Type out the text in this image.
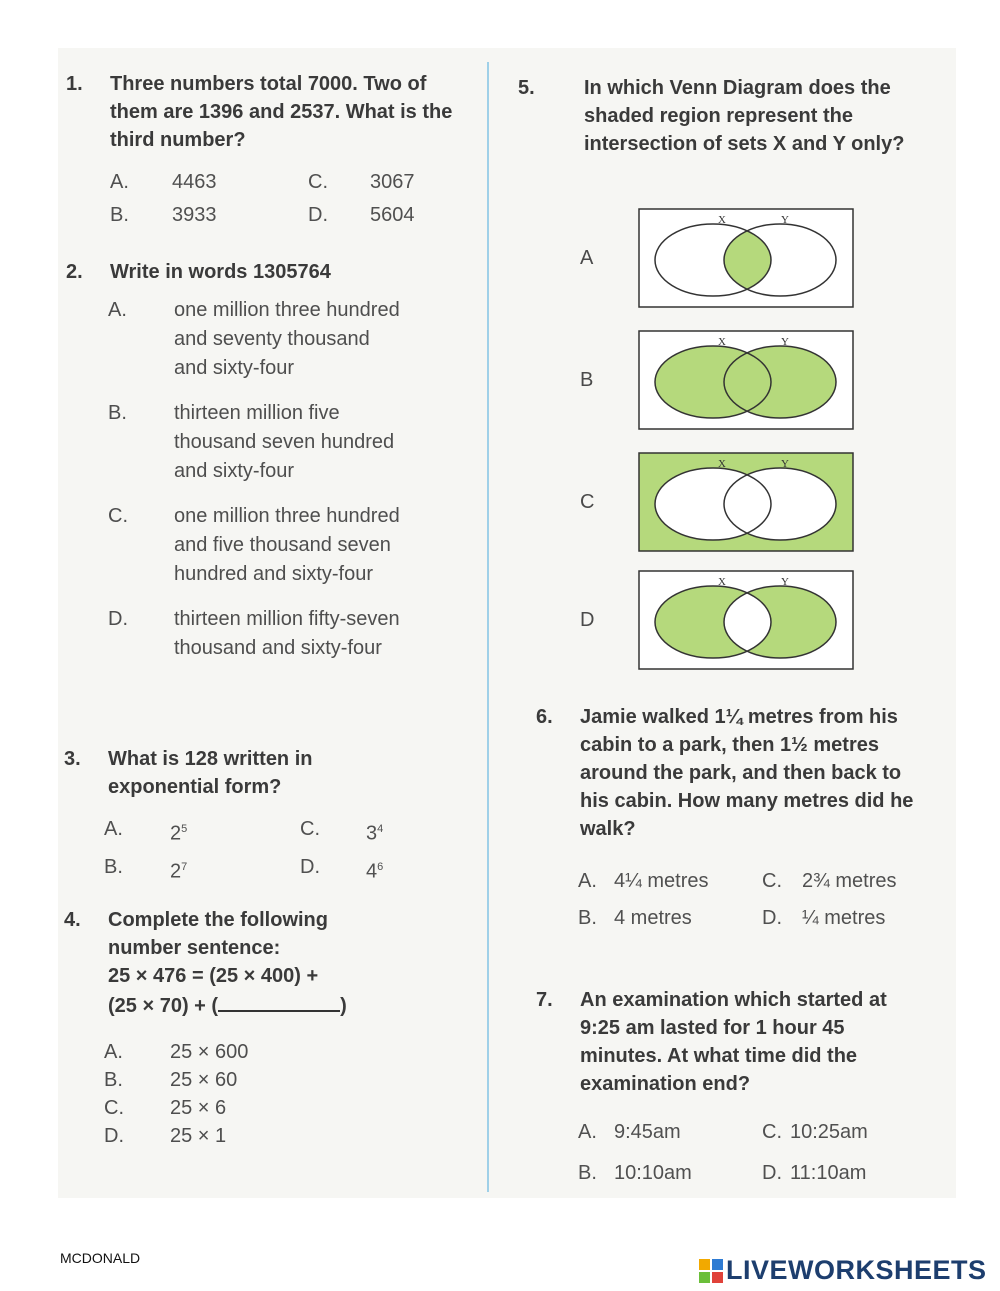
1.	Three numbers total 7000. Two of them are 1396 and 2537. What is the third number?
A.	4463	C.	3067
B.	3933	D.	5604
2.	Write in words 1305764
A.	one million three hundred and seventy thousand and sixty-four
B.	thirteen million five thousand seven hundred and sixty-four
C.	one million three hundred and five thousand seven hundred and sixty-four
D.	thirteen million fifty-seven thousand and sixty-four
3.	What is 128 written in exponential form?
A.	$2^5$	C.	$3^4$
B.	$2^7$	D.	$4^6$
4.	Complete the following
number sentence:
25 × 476 = (25 × 400) +
(25 × 70) + (	)
A.	25 × 600
B.	25 × 60
C.	25 × 6
D.	25 × 1
5.	In which Venn Diagram does the shaded region represent the intersection of sets X and Y only?
A
X	Y
B
X	Y
C
X	Y
D
X	Y
6.	Jamie walked 1¼ metres from his cabin to a park, then 1½ metres around the park, and then back to his cabin. How many metres did he walk?
A. 4¼ metres	C.	2¾ metres
B. 4 metres	D.	¼ metres
7.	An examination which started at 9:25 am lasted for 1 hour 45 minutes. At what time did the examination end?
A. 9:45am	C. 10:25am
B. 10:10am	D. 11:10am
MCDONALD	LIVEWORKSHEETS
